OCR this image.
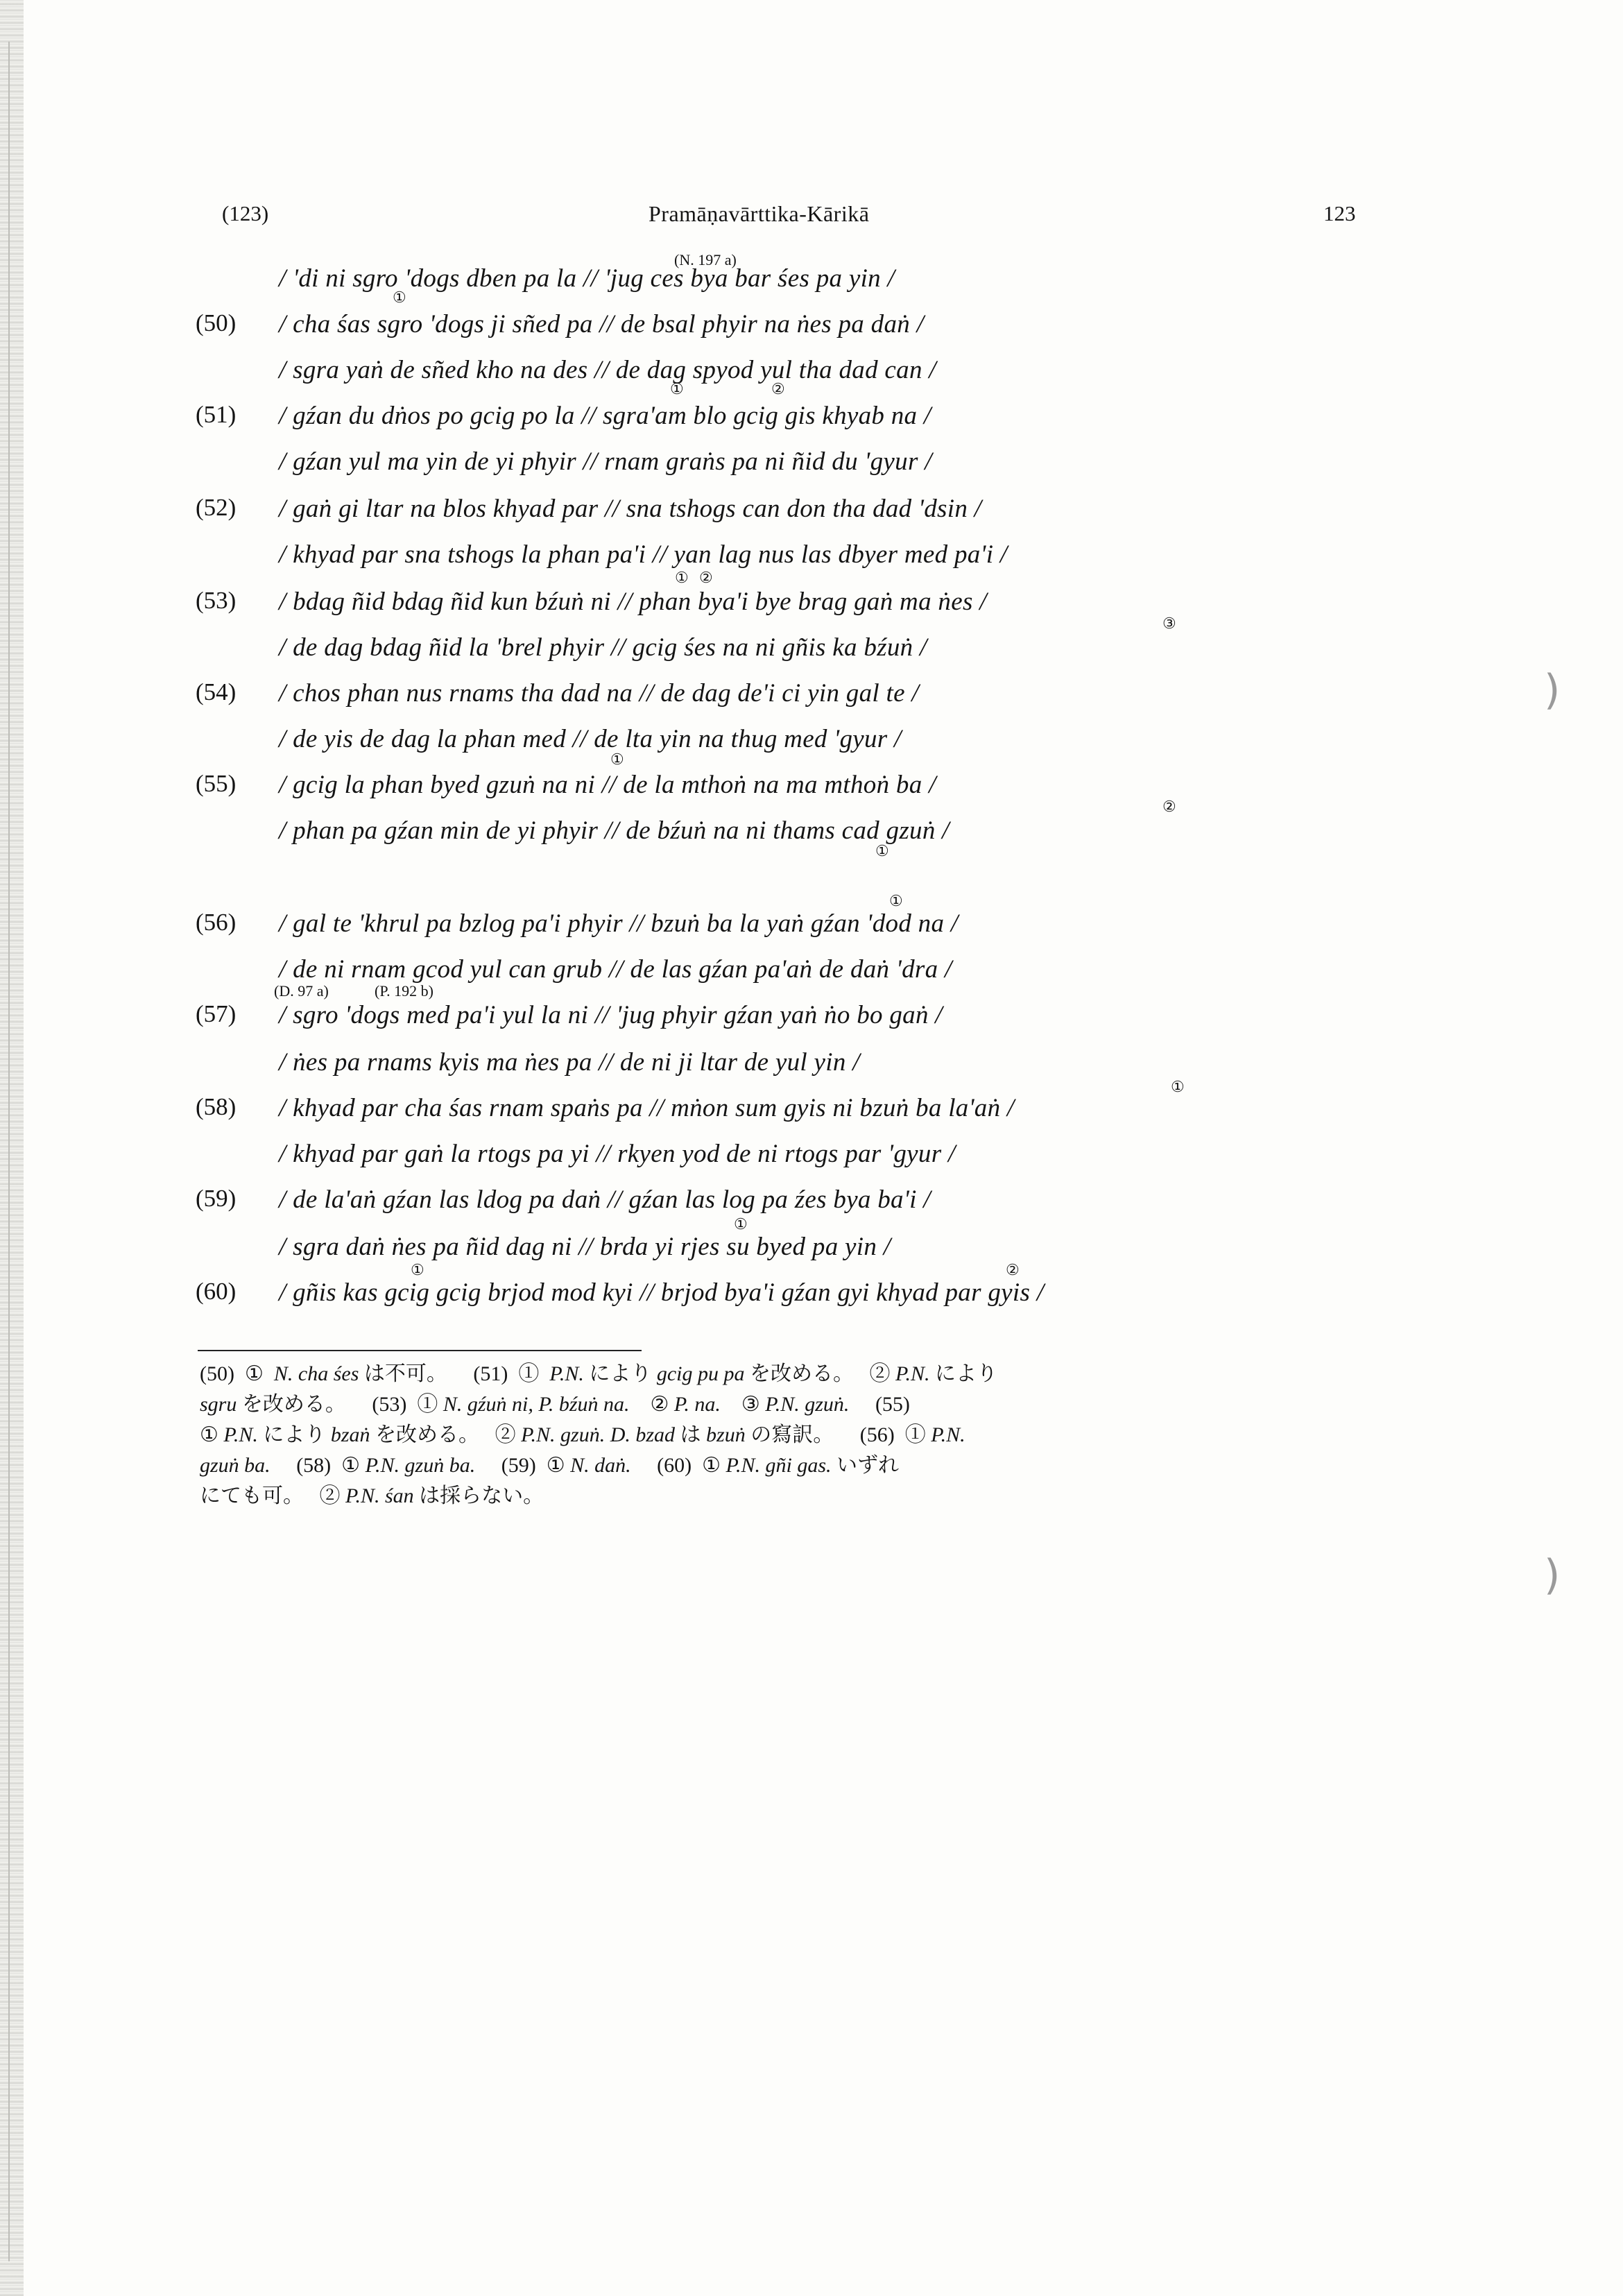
(123)	Pramāṇavārttika-Kārikā	123
(N. 197 a)
(D. 97 a)	(P. 192 b)
/ 'di ni sgro 'dogs dben pa la // 'jug ces bya bar śes pa yin /
(50) / cha śas sgro 'dogs ji sñed pa // de bsal phyir na ṅes pa daṅ /
/ sgra yaṅ de sñed kho na des // de dag spyod yul tha dad can /
(51) / gźan du dṅos po gcig po la // sgra'am blo gcig gis khyab na /
/ gźan yul ma yin de yi phyir // rnam graṅs pa ni ñid du 'gyur /
(52) / gaṅ gi ltar na blos khyad par // sna tshogs can don tha dad 'dsin /
/ khyad par sna tshogs la phan pa'i // yan lag nus las dbyer med pa'i /
(53) / bdag ñid bdag ñid kun bźuṅ ni // phan bya'i bye brag gaṅ ma ṅes /
/ de dag bdag ñid la 'brel phyir // gcig śes na ni gñis ka bźuṅ /
(54) / chos phan nus rnams tha dad na // de dag de'i ci yin gal te /
/ de yis de dag la phan med // de lta yin na thug med 'gyur /
(55) / gcig la phan byed gzuṅ na ni // de la mthoṅ na ma mthoṅ ba /
/ phan pa gźan min de yi phyir // de bźuṅ na ni thams cad gzuṅ /
(56) / gal te 'khrul pa bzlog pa'i phyir // bzuṅ ba la yaṅ gźan 'dod na /
/ de ni rnam gcod yul can grub // de las gźan pa'aṅ de daṅ 'dra /
(57) / sgro 'dogs med pa'i yul la ni // 'jug phyir gźan yaṅ ṅo bo gaṅ /
/ ṅes pa rnams kyis ma ṅes pa // de ni ji ltar de yul yin /
(58) / khyad par cha śas rnam spaṅs pa // mṅon sum gyis ni bzuṅ ba la'aṅ /
/ khyad par gaṅ la rtogs pa yi // rkyen yod de ni rtogs par 'gyur /
(59) / de la'aṅ gźan las ldog pa daṅ // gźan las log pa źes bya ba'i /
/ sgra daṅ ṅes pa ñid dag ni // brda yi rjes su byed pa yin /
(60) / gñis kas gcig gcig brjod mod kyi // brjod bya'i gźan gyi khyad par gyis /
①
①	②
① ②
③
①
②
①
①
①
①
①	②
(50) ① N. cha śes は不可。 (51) ① P.N. により gcig pu pa を改める。 ② P.N. により
sgru を改める。 (53) ① N. gźuṅ ni, P. bźuṅ na. ② P. na. ③ P.N. gzuṅ. (55)
① P.N. により bzaṅ を改める。 ② P.N. gzuṅ. D. bzad は bzuṅ の寫訳。 (56) ① P.N.
gzuṅ ba. (58) ① P.N. gzuṅ ba. (59) ① N. daṅ. (60) ① P.N. gñi gas. いずれ
にても可。 ② P.N. śan は採らない。
)
)
